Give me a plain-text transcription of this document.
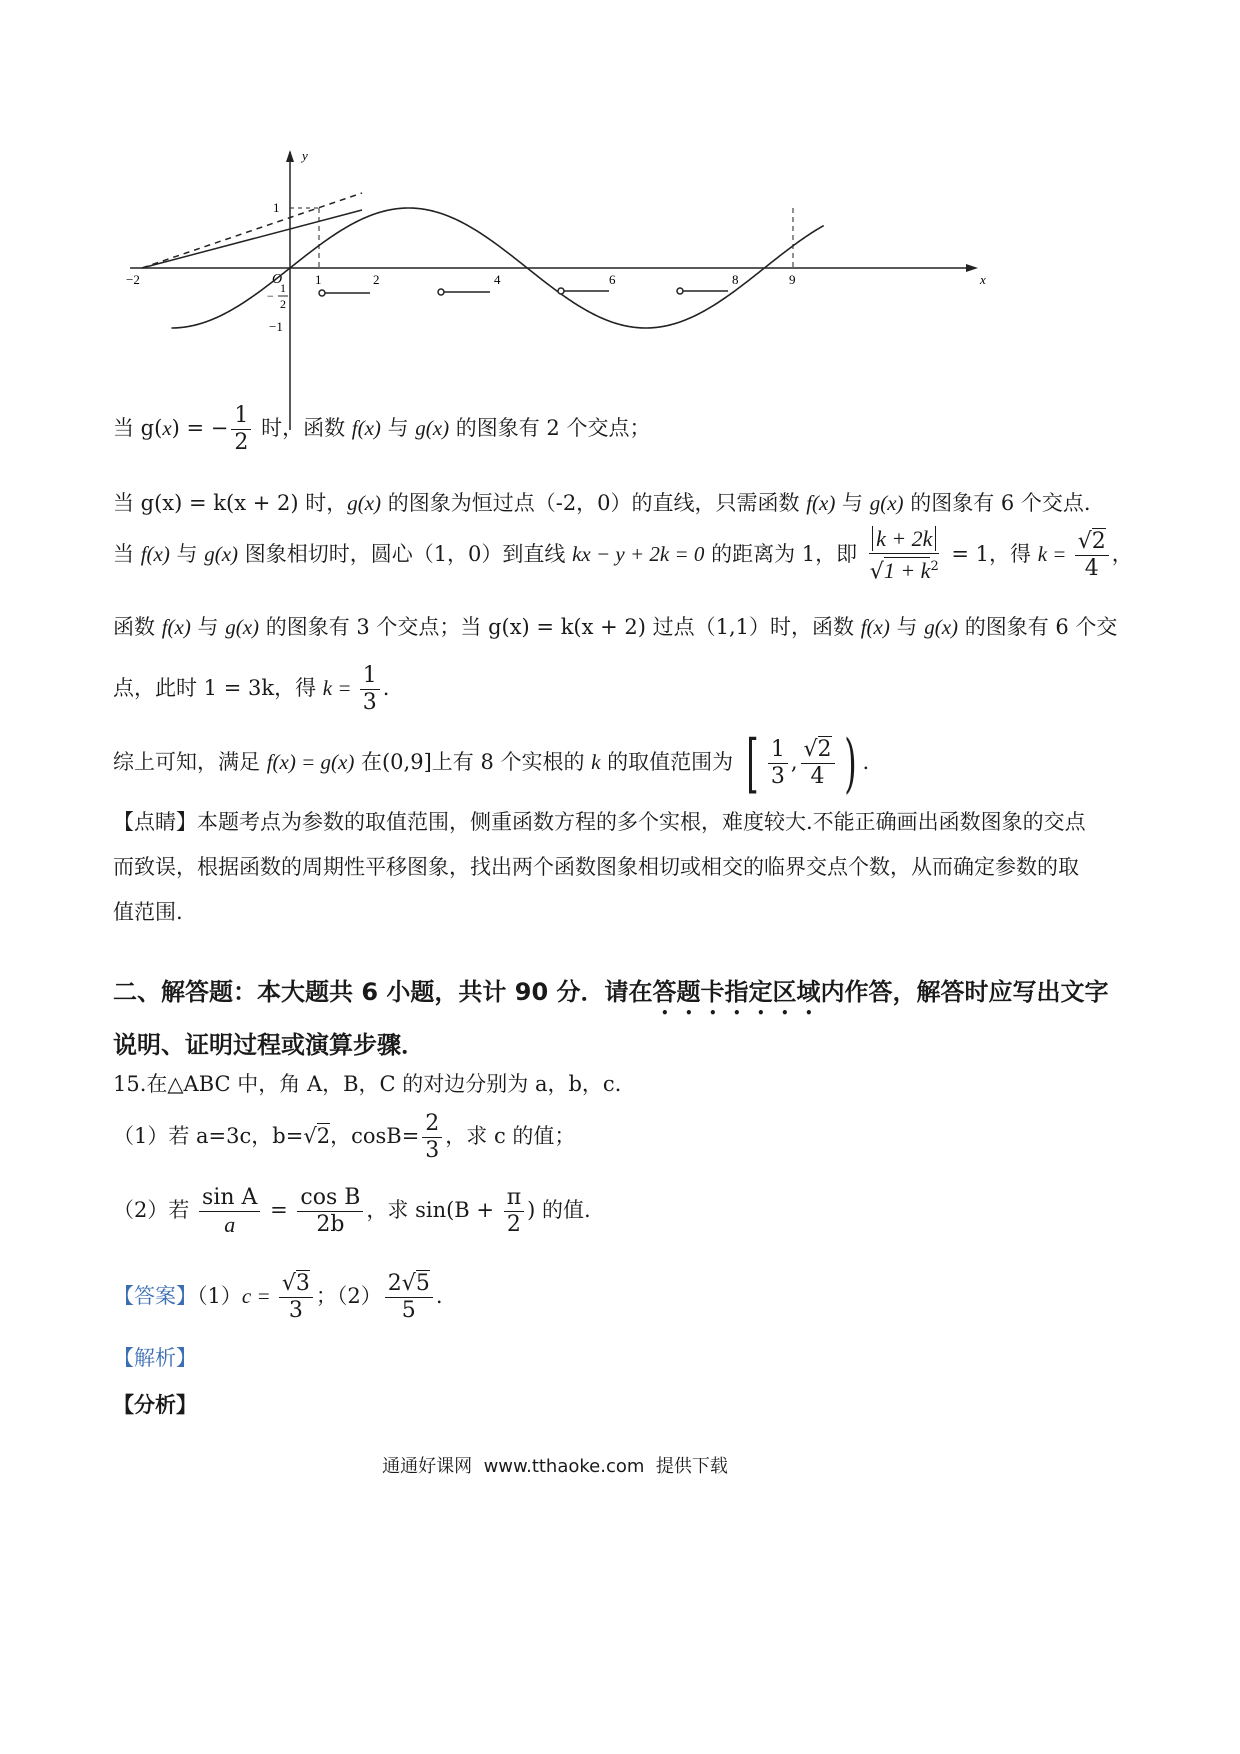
y
x
O
−2	1	2	4	6	8	9
1
−
1
2
−1
当 g(x) = − $\frac{1}{2}$ 时，函数 f(x) 与 g(x) 的图象有 2 个交点；
当 g(x) = k(x + 2) 时，g(x) 的图象为恒过点（-2，0）的直线，只需函数 f(x) 与 g(x) 的图象有 6 个交点.
当 f(x) 与 g(x) 图象相切时，圆心（1，0）到直线 kx − y + 2k = 0 的距离为 1，即 $\frac{k + 2k}{√1 + k^2} = 1$，得 $k = \frac{√2}{4}$ ，
函数 f(x) 与 g(x) 的图象有 3 个交点；当 g(x) = k(x + 2) 过点（1,1）时，函数 f(x) 与 g(x) 的图象有 6 个交
点，此时 1 = 3k，得 $k = \frac{1}{3}$ .
综上可知，满足 f(x) = g(x) 在(0,9]上有 8 个实根的 k 的取值范围为 [ $\frac{1}{3}$ , $\frac{√2}{4}$ ) .
【点睛】本题考点为参数的取值范围，侧重函数方程的多个实根，难度较大.不能正确画出函数图象的交点
而致误，根据函数的周期性平移图象，找出两个函数图象相切或相交的临界交点个数，从而确定参数的取
值范围.
二、解答题：本大题共 6 小题，共计 90 分．请在答题卡指定区域内作答，解答时应写出文字
说明、证明过程或演算步骤．
15.在△ABC 中，角 A，B，C 的对边分别为 a，b，c．
（1）若 a=3c，b=√2，$\cos B= \frac{2}{3}$ ，求 c 的值；
（2）若 $\frac{\text{sin A}}{a} = \frac{\text{cos B}}{2b}$ ，求 $\sin(B + \frac{\pi}{2}$ ) 的值.
【答案】$(1)c = \frac{√3}{3}$ ；$(2) \frac{2√5}{5}$ .
【解析】
【分析】
通通好课网  www.tthaoke.com  提供下载
